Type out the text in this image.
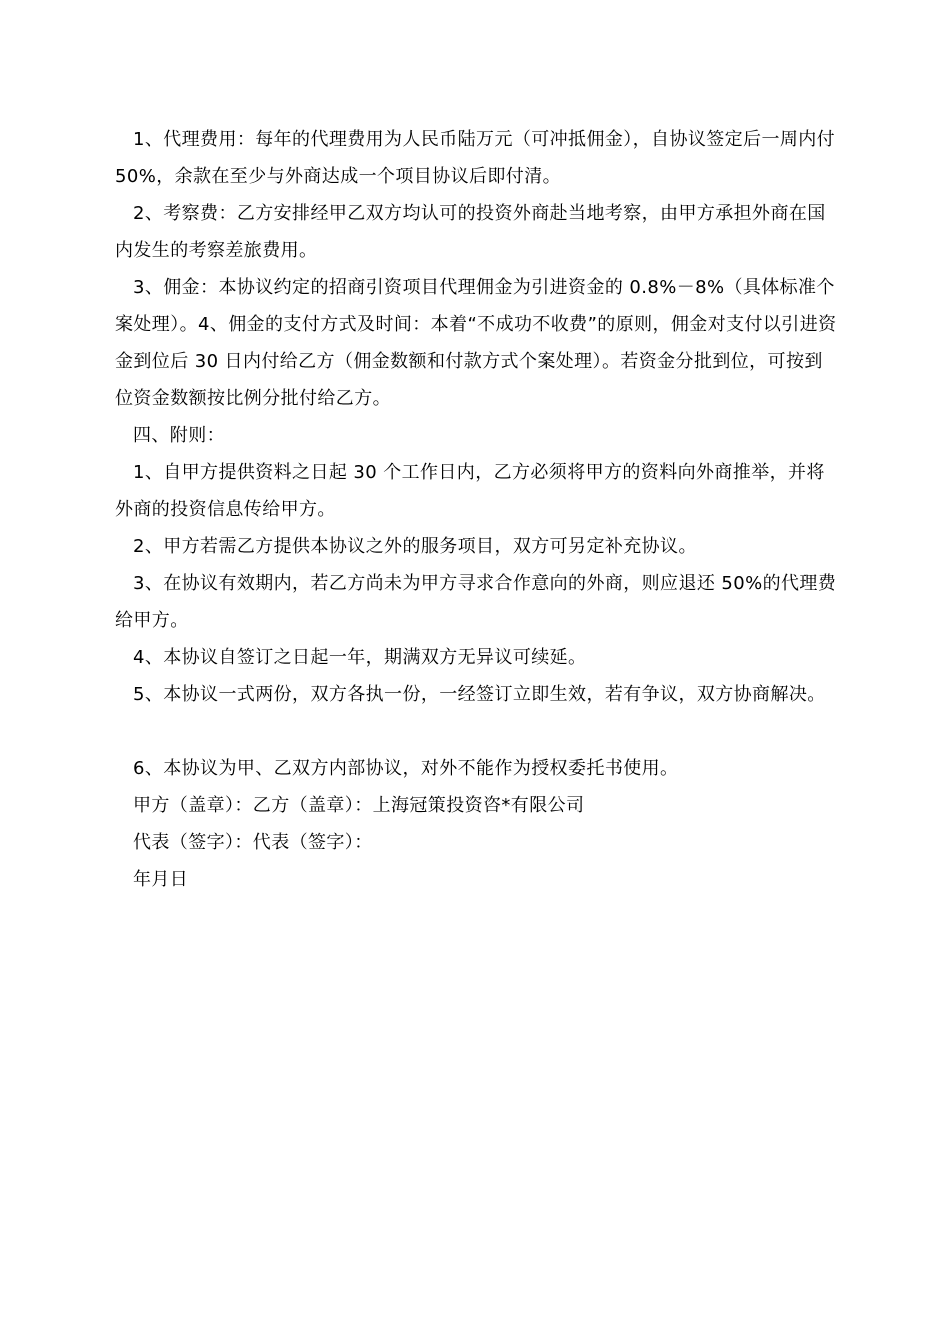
1、代理费用：每年的代理费用为人民币陆万元（可冲抵佣金），自协议签定后一周内付 50%，余款在至少与外商达成一个项目协议后即付清。

2、考察费：乙方安排经甲乙双方均认可的投资外商赴当地考察，由甲方承担外商在国内发生的考察差旅费用。

3、佣金：本协议约定的招商引资项目代理佣金为引进资金的 0.8%－8%（具体标准个案处理）。4、佣金的支付方式及时间：本着“不成功不收费”的原则，佣金对支付以引进资金到位后 30 日内付给乙方（佣金数额和付款方式个案处理）。若资金分批到位，可按到位资金数额按比例分批付给乙方。

四、附则：

1、自甲方提供资料之日起 30 个工作日内，乙方必须将甲方的资料向外商推举，并将外商的投资信息传给甲方。

2、甲方若需乙方提供本协议之外的服务项目，双方可另定补充协议。

3、在协议有效期内，若乙方尚未为甲方寻求合作意向的外商，则应退还 50%的代理费给甲方。

4、本协议自签订之日起一年，期满双方无异议可续延。

5、本协议一式两份，双方各执一份，一经签订立即生效，若有争议，双方协商解决。

6、本协议为甲、乙双方内部协议，对外不能作为授权委托书使用。

甲方（盖章）：乙方（盖章）：上海冠策投资咨*有限公司

代表（签字）：代表（签字）：

年月日
